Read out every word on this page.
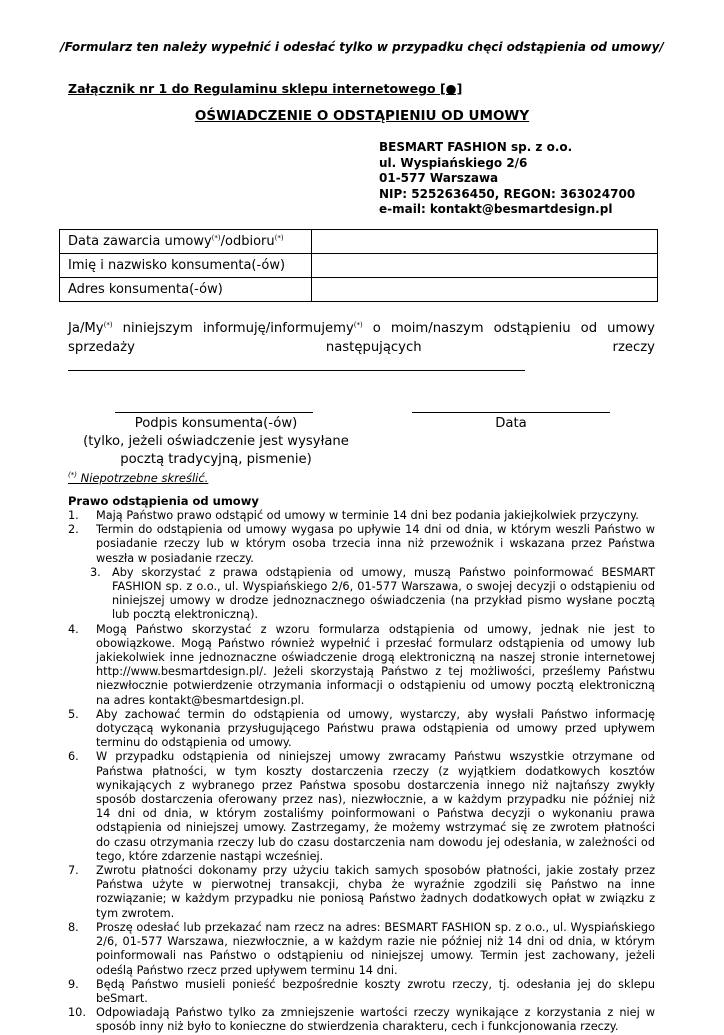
/Formularz ten należy wypełnić i odesłać tylko w przypadku chęci odstąpienia od umowy/
Załącznik nr 1 do Regulaminu sklepu internetowego [●]
OŚWIADCZENIE O ODSTĄPIENIU OD UMOWY
BESMART FASHION sp. z o.o.
ul. Wyspiańskiego 2/6
01-577 Warszawa
NIP: 5252636450, REGON: 363024700
e-mail: kontakt@besmartdesign.pl
Data zawarcia umowy(*)/odbioru(*)	
Imię i nazwisko konsumenta(-ów)	
Adres konsumenta(-ów)	
Ja/My(*) niniejszym informuję/informujemy(*) o moim/naszym odstąpieniu od umowy sprzedaży następujących rzeczy
Podpis konsumenta(-ów)
(tylko, jeżeli oświadczenie jest wysyłane pocztą tradycyjną, pismenie)
Data
(*) Niepotrzebne skreślić.
Prawo odstąpienia od umowy
1. Mają Państwo prawo odstąpić od umowy w terminie 14 dni bez podania jakiejkolwiek przyczyny.
2. Termin do odstąpienia od umowy wygasa po upływie 14 dni od dnia, w którym weszli Państwo w posiadanie rzeczy lub w którym osoba trzecia inna niż przewoźnik i wskazana przez Państwa weszła w posiadanie rzeczy.
3. Aby skorzystać z prawa odstąpienia od umowy, muszą Państwo poinformować BESMART FASHION sp. z o.o., ul. Wyspiańskiego 2/6, 01-577 Warszawa, o swojej decyzji o odstąpieniu od niniejszej umowy w drodze jednoznacznego oświadczenia (na przykład pismo wysłane pocztą lub pocztą elektroniczną).
4. Mogą Państwo skorzystać z wzoru formularza odstąpienia od umowy, jednak nie jest to obowiązkowe. Mogą Państwo również wypełnić i przesłać formularz odstąpienia od umowy lub jakiekolwiek inne jednoznaczne oświadczenie drogą elektroniczną na naszej stronie internetowej http://www.besmartdesign.pl/. Jeżeli skorzystają Państwo z tej możliwości, prześlemy Państwu niezwłocznie potwierdzenie otrzymania informacji o odstąpieniu od umowy pocztą elektroniczną na adres kontakt@besmartdesign.pl.
5. Aby zachować termin do odstąpienia od umowy, wystarczy, aby wysłali Państwo informację dotyczącą wykonania przysługującego Państwu prawa odstąpienia od umowy przed upływem terminu do odstąpienia od umowy.
6. W przypadku odstąpienia od niniejszej umowy zwracamy Państwu wszystkie otrzymane od Państwa płatności, w tym koszty dostarczenia rzeczy (z wyjątkiem dodatkowych kosztów wynikających z wybranego przez Państwa sposobu dostarczenia innego niż najtańszy zwykły sposób dostarczenia oferowany przez nas), niezwłocznie, a w każdym przypadku nie później niż 14 dni od dnia, w którym zostaliśmy poinformowani o Państwa decyzji o wykonaniu prawa odstąpienia od niniejszej umowy. Zastrzegamy, że możemy wstrzymać się ze zwrotem płatności do czasu otrzymania rzeczy lub do czasu dostarczenia nam dowodu jej odesłania, w zależności od tego, które zdarzenie nastąpi wcześniej.
7. Zwrotu płatności dokonamy przy użyciu takich samych sposobów płatności, jakie zostały przez Państwa użyte w pierwotnej transakcji, chyba że wyraźnie zgodzili się Państwo na inne rozwiązanie; w każdym przypadku nie poniosą Państwo żadnych dodatkowych opłat w związku z tym zwrotem.
8. Proszę odesłać lub przekazać nam rzecz na adres: BESMART FASHION sp. z o.o., ul. Wyspiańskiego 2/6, 01-577 Warszawa, niezwłocznie, a w każdym razie nie później niż 14 dni od dnia, w którym poinformowali nas Państwo o odstąpieniu od niniejszej umowy. Termin jest zachowany, jeżeli odeślą Państwo rzecz przed upływem terminu 14 dni.
9. Będą Państwo musieli ponieść bezpośrednie koszty zwrotu rzeczy, tj. odesłania jej do sklepu beSmart.
10. Odpowiadają Państwo tylko za zmniejszenie wartości rzeczy wynikające z korzystania z niej w sposób inny niż było to konieczne do stwierdzenia charakteru, cech i funkcjonowania rzeczy.
